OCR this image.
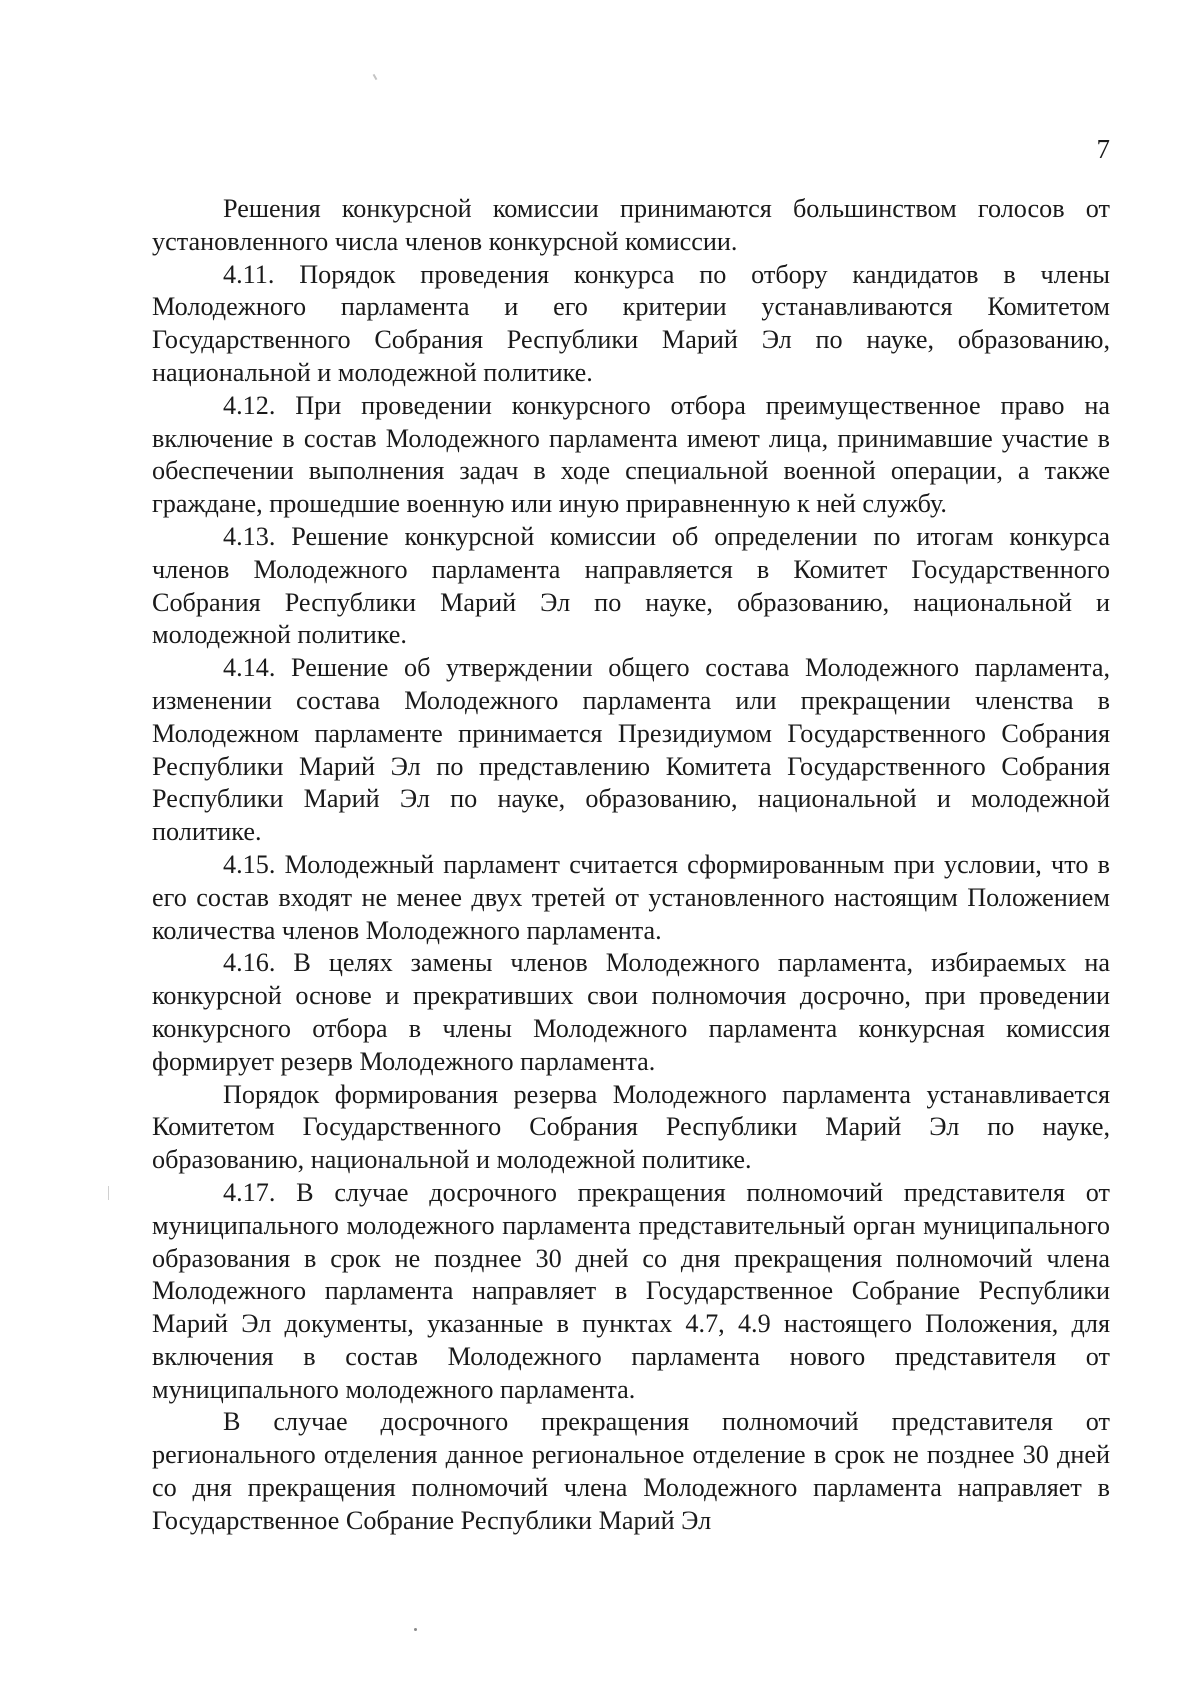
7

Решения конкурсной комиссии принимаются большинством голосов от установленного числа членов конкурсной комиссии.

4.11. Порядок проведения конкурса по отбору кандидатов в члены Молодежного парламента и его критерии устанавливаются Комитетом Государственного Собрания Республики Марий Эл по науке, образованию, национальной и молодежной политике.

4.12. При проведении конкурсного отбора преимущественное право на включение в состав Молодежного парламента имеют лица, принимавшие участие в обеспечении выполнения задач в ходе специальной военной операции, а также граждане, прошедшие военную или иную приравненную к ней службу.

4.13. Решение конкурсной комиссии об определении по итогам конкурса членов Молодежного парламента направляется в Комитет Государственного Собрания Республики Марий Эл по науке, образованию, национальной и молодежной политике.

4.14. Решение об утверждении общего состава Молодежного парламента, изменении состава Молодежного парламента или прекращении членства в Молодежном парламенте принимается Президиумом Государственного Собрания Республики Марий Эл по представлению Комитета Государственного Собрания Республики Марий Эл по науке, образованию, национальной и молодежной политике.

4.15. Молодежный парламент считается сформированным при условии, что в его состав входят не менее двух третей от установленного настоящим Положением количества членов Молодежного парламента.

4.16. В целях замены членов Молодежного парламента, избираемых на конкурсной основе и прекративших свои полномочия досрочно, при проведении конкурсного отбора в члены Молодежного парламента конкурсная комиссия формирует резерв Молодежного парламента.

Порядок формирования резерва Молодежного парламента устанавливается Комитетом Государственного Собрания Республики Марий Эл по науке, образованию, национальной и молодежной политике.

4.17. В случае досрочного прекращения полномочий представителя от муниципального молодежного парламента представительный орган муниципального образования в срок не позднее 30 дней со дня прекращения полномочий члена Молодежного парламента направляет в Государственное Собрание Республики Марий Эл документы, указанные в пунктах 4.7, 4.9 настоящего Положения, для включения в состав Молодежного парламента нового представителя от муниципального молодежного парламента.

В случае досрочного прекращения полномочий представителя от регионального отделения данное региональное отделение в срок не позднее 30 дней со дня прекращения полномочий члена Молодежного парламента направляет в Государственное Собрание Республики Марий Эл
